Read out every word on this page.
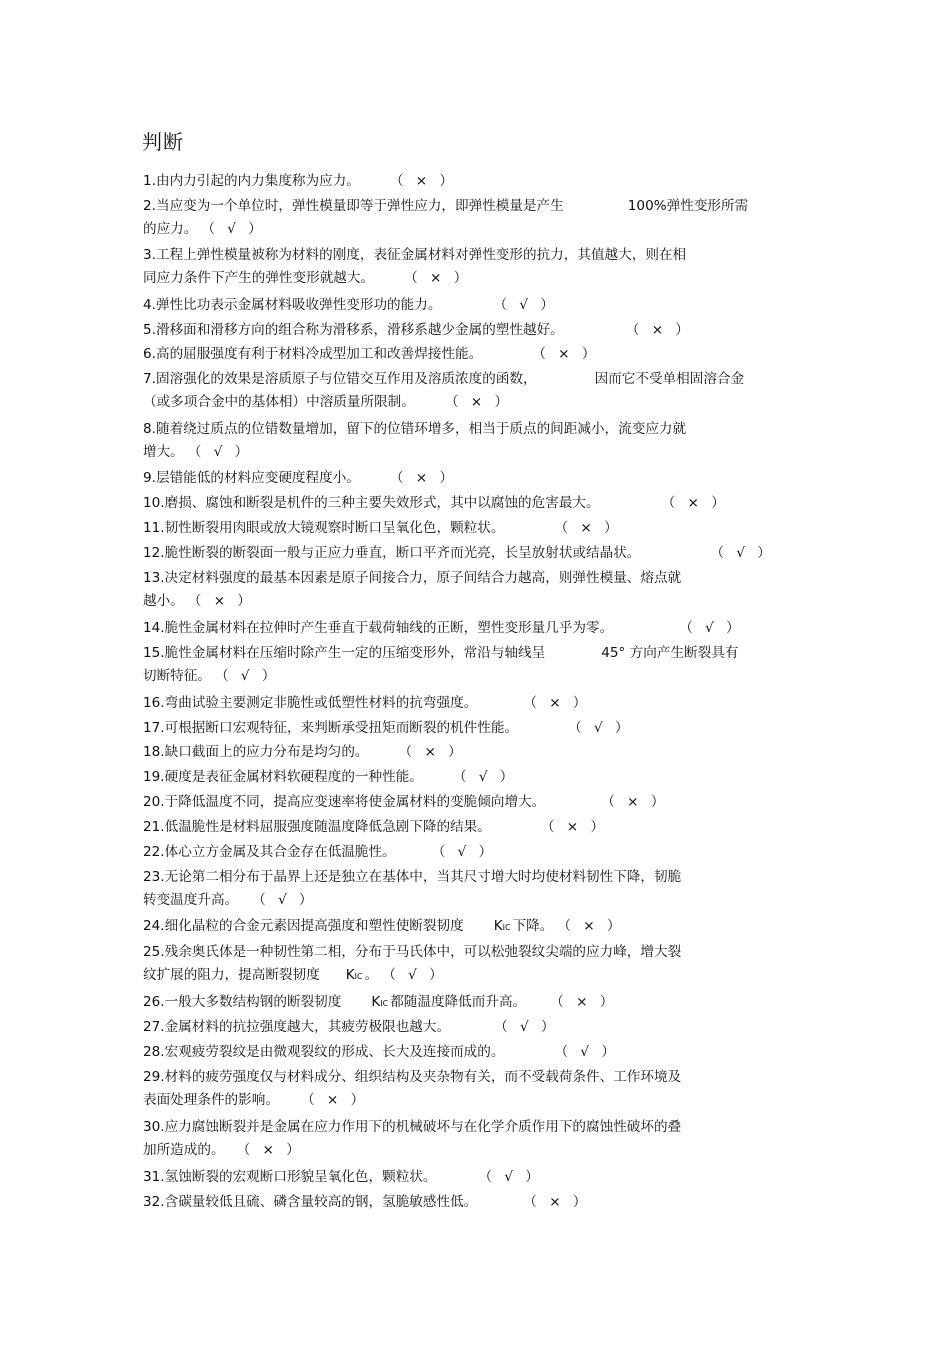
判断
1.由内力引起的内力集度称为应力。 （ × ）
2.当应变为一个单位时，弹性模量即等于弹性应力，即弹性模量是产生	100%弹性变形所需
的应力。 （ √ ）
3.工程上弹性模量被称为材料的刚度，表征金属材料对弹性变形的抗力，其值越大，则在相
同应力条件下产生的弹性变形就越大。 （ × ）
4.弹性比功表示金属材料吸收弹性变形功的能力。	（ √ ）
5.滑移面和滑移方向的组合称为滑移系，滑移系越少金属的塑性越好。	（ × ）
6.高的屈服强度有利于材料冷成型加工和改善焊接性能。	（ × ）
7.固溶强化的效果是溶质原子与位错交互作用及溶质浓度的函数，	因而它不受单相固溶合金
（或多项合金中的基体相）中溶质量所限制。 （ × ）
8.随着绕过质点的位错数量增加，留下的位错环增多，相当于质点的间距减小，流变应力就
增大。 （ √ ）
9.层错能低的材料应变硬度程度小。 （ × ）
10.磨损、腐蚀和断裂是机件的三种主要失效形式，其中以腐蚀的危害最大。	（ × ）
11.韧性断裂用肉眼或放大镜观察时断口呈氧化色，颗粒状。	（ × ）
12.脆性断裂的断裂面一般与正应力垂直，断口平齐而光亮，长呈放射状或结晶状。	（ √ ）
13.决定材料强度的最基本因素是原子间接合力，原子间结合力越高，则弹性模量、熔点就
越小。 （ × ）
14.脆性金属材料在拉伸时产生垂直于载荷轴线的正断，塑性变形量几乎为零。	（ √ ）
15.脆性金属材料在压缩时除产生一定的压缩变形外，常沿与轴线呈	45° 方向产生断裂具有
切断特征。 （ √ ）
16.弯曲试验主要测定非脆性或低塑性材料的抗弯强度。	（ × ）
17.可根据断口宏观特征，来判断承受扭矩而断裂的机件性能。	（ √ ）
18.缺口截面上的应力分布是均匀的。 （ × ）
19.硬度是表征金属材料软硬程度的一种性能。 （ √ ）
20.于降低温度不同，提高应变速率将使金属材料的变脆倾向增大。	（ × ）
21.低温脆性是材料屈服强度随温度降低急剧下降的结果。	（ × ）
22.体心立方金属及其合金存在低温脆性。	（ √ ）
23.无论第二相分布于晶界上还是独立在基体中，当其尺寸增大时均使材料韧性下降，韧脆
转变温度升高。 （ √ ）
24.细化晶粒的合金元素因提高强度和塑性使断裂韧度 KIC 下降。 （ × ）
25.残余奥氏体是一种韧性第二相，分布于马氏体中，可以松弛裂纹尖端的应力峰，增大裂
纹扩展的阻力，提高断裂韧度 KIC 。 （ √ ）
26.一般大多数结构钢的断裂韧度 KIC 都随温度降低而升高。 （ × ）
27.金属材料的抗拉强度越大，其疲劳极限也越大。	（ √ ）
28.宏观疲劳裂纹是由微观裂纹的形成、长大及连接而成的。	（ √ ）
29.材料的疲劳强度仅与材料成分、组织结构及夹杂物有关，而不受载荷条件、工作环境及
表面处理条件的影响。 （ × ）
30.应力腐蚀断裂并是金属在应力作用下的机械破坏与在化学介质作用下的腐蚀性破坏的叠
加所造成的。 （ × ）
31.氢蚀断裂的宏观断口形貌呈氧化色，颗粒状。	（ √ ）
32.含碳量较低且硫、磷含量较高的钢，氢脆敏感性低。	（ × ）
